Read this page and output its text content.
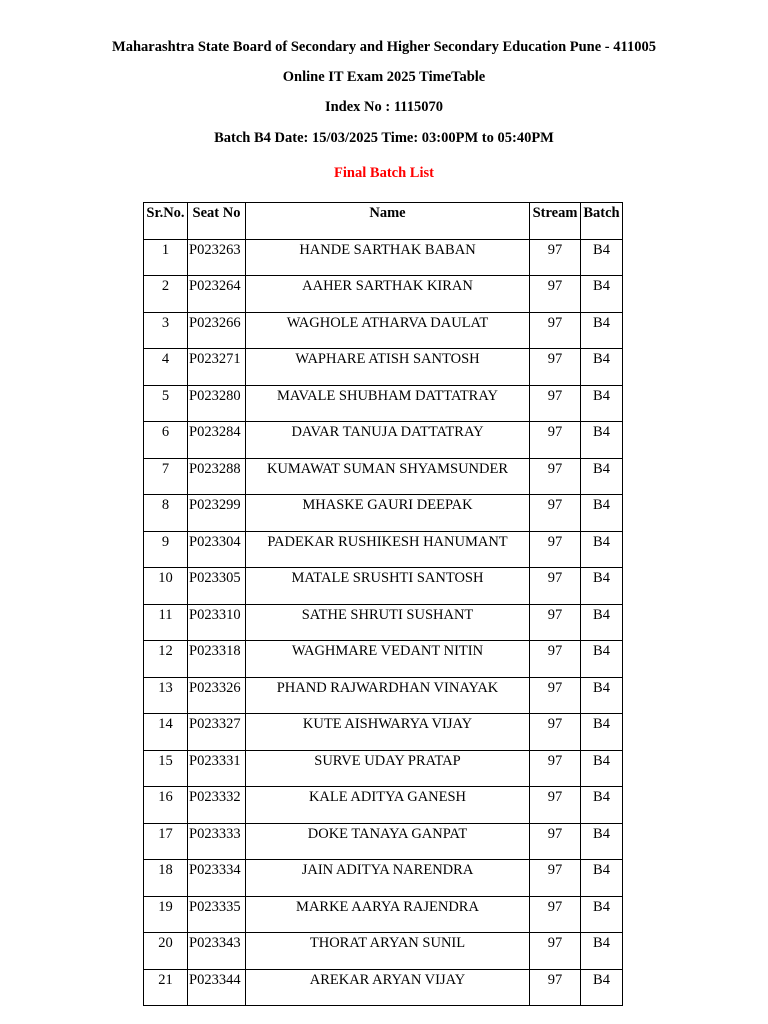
Maharashtra State Board of Secondary and Higher Secondary Education Pune - 411005
Online IT Exam 2025 TimeTable
Index No : 1115070
Batch B4 Date: 15/03/2025 Time: 03:00PM to 05:40PM
Final Batch List
Sr.No.	Seat No	Name	Stream	Batch
1	P023263	HANDE SARTHAK BABAN	97	B4
2	P023264	AAHER SARTHAK KIRAN	97	B4
3	P023266	WAGHOLE ATHARVA DAULAT	97	B4
4	P023271	WAPHARE ATISH SANTOSH	97	B4
5	P023280	MAVALE SHUBHAM DATTATRAY	97	B4
6	P023284	DAVAR TANUJA DATTATRAY	97	B4
7	P023288	KUMAWAT SUMAN SHYAMSUNDER	97	B4
8	P023299	MHASKE GAURI DEEPAK	97	B4
9	P023304	PADEKAR RUSHIKESH HANUMANT	97	B4
10	P023305	MATALE SRUSHTI SANTOSH	97	B4
11	P023310	SATHE SHRUTI SUSHANT	97	B4
12	P023318	WAGHMARE VEDANT NITIN	97	B4
13	P023326	PHAND RAJWARDHAN VINAYAK	97	B4
14	P023327	KUTE AISHWARYA VIJAY	97	B4
15	P023331	SURVE UDAY PRATAP	97	B4
16	P023332	KALE ADITYA GANESH	97	B4
17	P023333	DOKE TANAYA GANPAT	97	B4
18	P023334	JAIN ADITYA NARENDRA	97	B4
19	P023335	MARKE AARYA RAJENDRA	97	B4
20	P023343	THORAT ARYAN SUNIL	97	B4
21	P023344	AREKAR ARYAN VIJAY	97	B4
